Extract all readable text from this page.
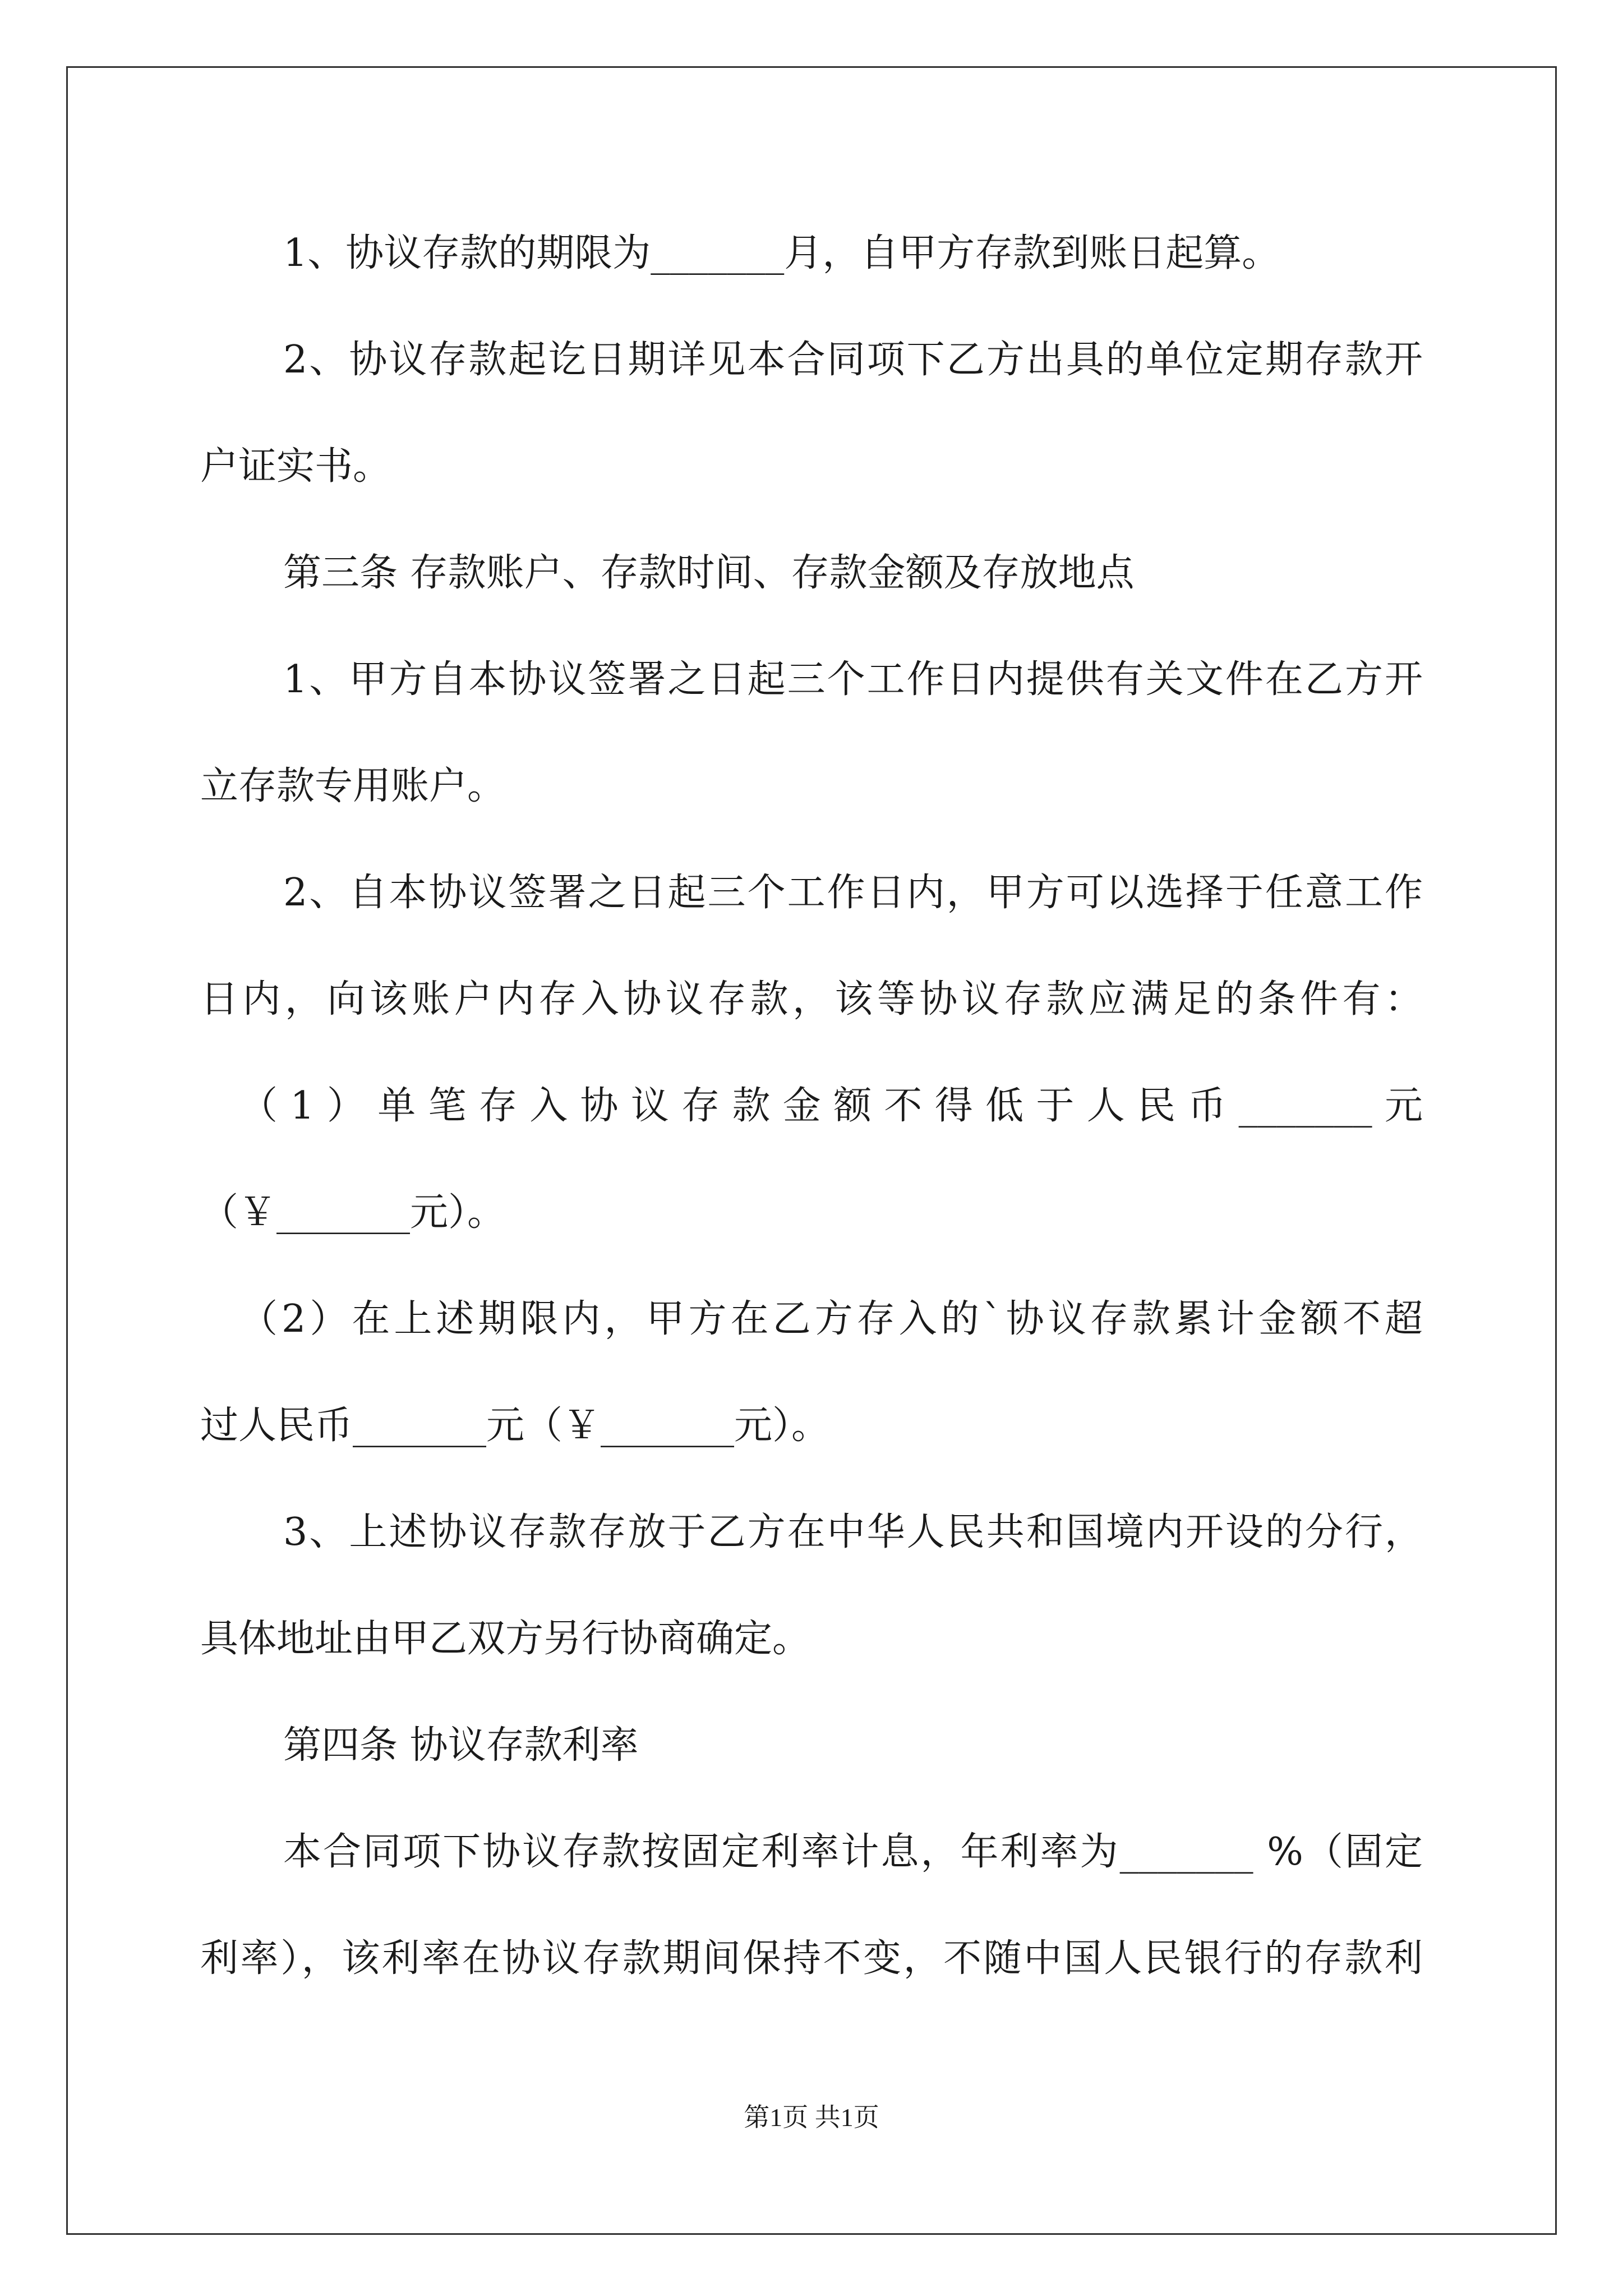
1、协议存款的期限为_______月，自甲方存款到账日起算。
2、协议存款起讫日期详见本合同项下乙方出具的单位定期存款开
户证实书。
第三条 存款账户、存款时间、存款金额及存放地点
1、甲方自本协议签署之日起三个工作日内提供有关文件在乙方开
立存款专用账户。
2、自本协议签署之日起三个工作日内，甲方可以选择于任意工作
日内，向该账户内存入协议存款，该等协议存款应满足的条件有：
（1）单笔存入协议存款金额不得低于人民币_______元
（￥_______元）。
（2）在上述期限内，甲方在乙方存入的`协议存款累计金额不超
过人民币_______元（￥_______元）。
3、上述协议存款存放于乙方在中华人民共和国境内开设的分行，
具体地址由甲乙双方另行协商确定。
第四条 协议存款利率
本合同项下协议存款按固定利率计息，年利率为_______ %（固定
利率），该利率在协议存款期间保持不变，不随中国人民银行的存款利
第1页 共1页
